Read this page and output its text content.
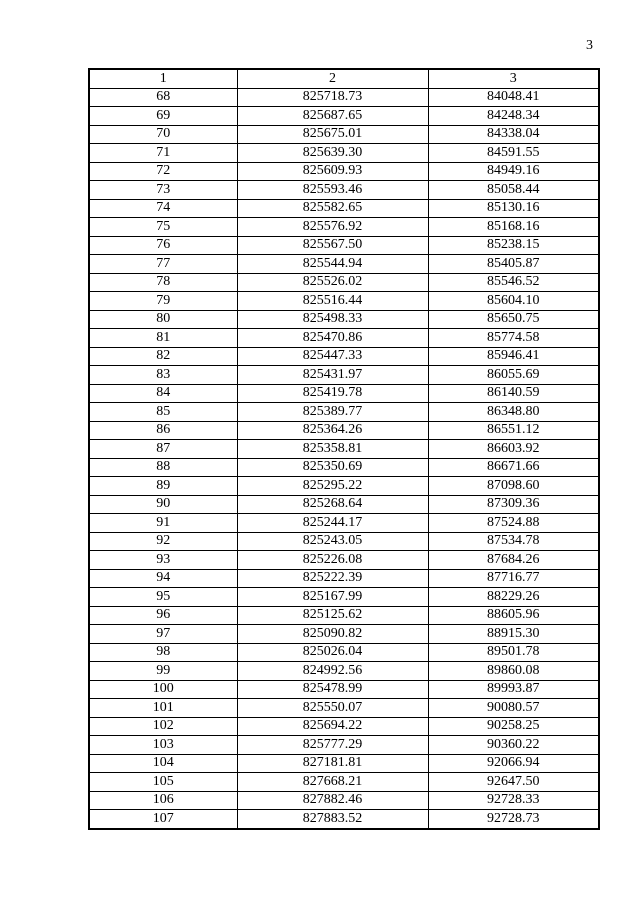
3
1	2	3
68	825718.73	84048.41
69	825687.65	84248.34
70	825675.01	84338.04
71	825639.30	84591.55
72	825609.93	84949.16
73	825593.46	85058.44
74	825582.65	85130.16
75	825576.92	85168.16
76	825567.50	85238.15
77	825544.94	85405.87
78	825526.02	85546.52
79	825516.44	85604.10
80	825498.33	85650.75
81	825470.86	85774.58
82	825447.33	85946.41
83	825431.97	86055.69
84	825419.78	86140.59
85	825389.77	86348.80
86	825364.26	86551.12
87	825358.81	86603.92
88	825350.69	86671.66
89	825295.22	87098.60
90	825268.64	87309.36
91	825244.17	87524.88
92	825243.05	87534.78
93	825226.08	87684.26
94	825222.39	87716.77
95	825167.99	88229.26
96	825125.62	88605.96
97	825090.82	88915.30
98	825026.04	89501.78
99	824992.56	89860.08
100	825478.99	89993.87
101	825550.07	90080.57
102	825694.22	90258.25
103	825777.29	90360.22
104	827181.81	92066.94
105	827668.21	92647.50
106	827882.46	92728.33
107	827883.52	92728.73
